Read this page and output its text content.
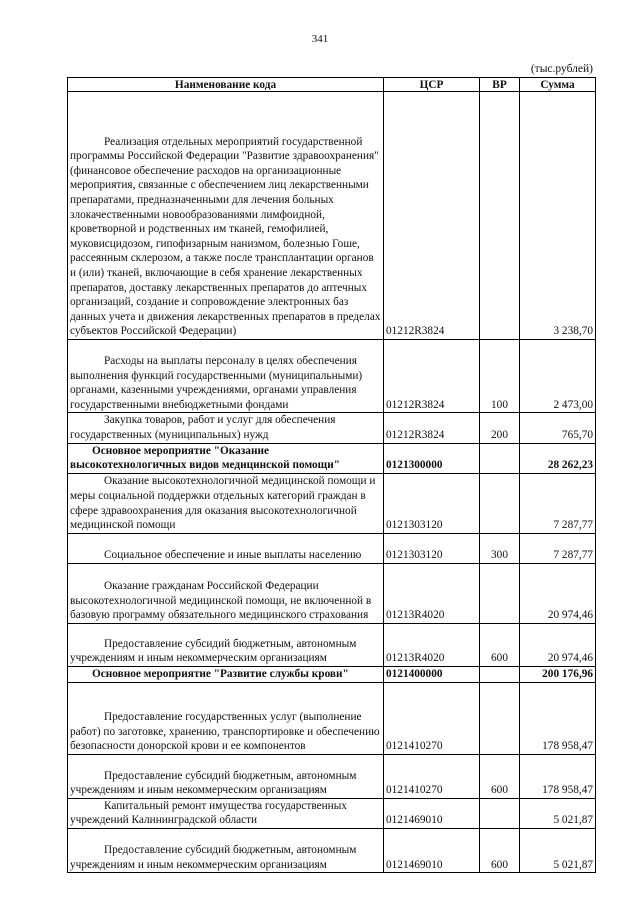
341
(тыс.рублей)
Наименование кода	ЦСР	ВР	Сумма
Реализация отдельных мероприятий государственной программы Российской Федерации "Развитие здравоохранения" (финансовое обеспечение расходов на организационные мероприятия, связанные с обеспечением лиц лекарственными препаратами, предназначенными для лечения больных злокачественными новообразованиями лимфоидной, кроветворной и родственных им тканей, гемофилией, муковисцидозом, гипофизарным нанизмом, болезнью Гоше, рассеянным склерозом, а также после трансплантации органов и (или) тканей, включающие в себя хранение лекарственных препаратов, доставку лекарственных препаратов до аптечных организаций, создание и сопровождение электронных баз данных учета и движения лекарственных препаратов в пределах субъектов Российской Федерации)	01212R3824		3 238,70
Расходы на выплаты персоналу в целях обеспечения выполнения функций государственными (муниципальными) органами, казенными учреждениями, органами управления государственными внебюджетными фондами	01212R3824	100	2 473,00
Закупка товаров, работ и услуг для обеспечения государственных (муниципальных) нужд	01212R3824	200	765,70
Основное мероприятие "Оказание высокотехнологичных видов медицинской помощи"	0121300000		28 262,23
Оказание высокотехнологичной медицинской помощи и меры социальной поддержки отдельных категорий граждан в сфере здравоохранения для оказания высокотехнологичной медицинской помощи	0121303120		7 287,77
Социальное обеспечение и иные выплаты населению	0121303120	300	7 287,77
Оказание гражданам Российской Федерации высокотехнологичной медицинской помощи, не включенной в базовую программу обязательного медицинского страхования	01213R4020		20 974,46
Предоставление субсидий бюджетным, автономным учреждениям и иным некоммерческим организациям	01213R4020	600	20 974,46
Основное мероприятие "Развитие службы крови"	0121400000		200 176,96
Предоставление государственных услуг (выполнение работ) по заготовке, хранению, транспортировке и обеспечению безопасности донорской крови и ее компонентов	0121410270		178 958,47
Предоставление субсидий бюджетным, автономным учреждениям и иным некоммерческим организациям	0121410270	600	178 958,47
Капитальный ремонт имущества государственных учреждений Калининградской области	0121469010		5 021,87
Предоставление субсидий бюджетным, автономным учреждениям и иным некоммерческим организациям	0121469010	600	5 021,87
